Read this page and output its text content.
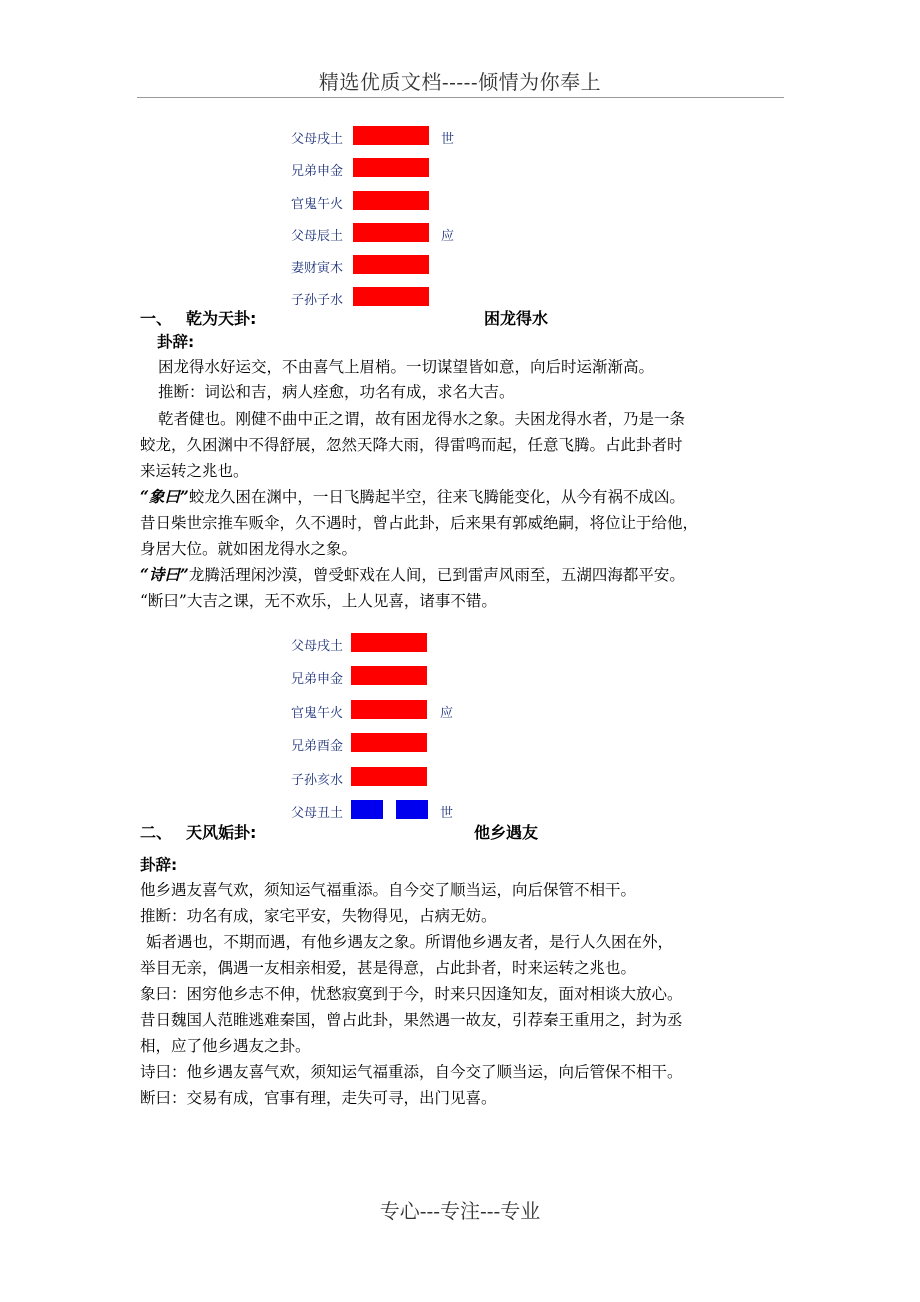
精选优质文档-----倾情为你奉上
父母戌土	世
兄弟申金
官鬼午火
父母辰土	应
妻财寅木
子孙子水
一、 乾为天卦:	困龙得水
卦辞:
困龙得水好运交，不由喜气上眉梢。一切谋望皆如意，向后时运渐渐高。
推断：词讼和吉，病人痊愈，功名有成，求名大吉。
乾者健也。刚健不曲中正之谓，故有困龙得水之象。夫困龙得水者，乃是一条
蛟龙，久困渊中不得舒展，忽然天降大雨，得雷鸣而起，任意飞腾。占此卦者时
来运转之兆也。
“象曰”蛟龙久困在渊中，一日飞腾起半空，往来飞腾能变化，从今有祸不成凶。
昔日柴世宗推车贩伞，久不遇时，曾占此卦，后来果有郭威绝嗣，将位让于给他，
身居大位。就如困龙得水之象。
“诗曰”龙腾活理闲沙漠，曾受虾戏在人间，已到雷声风雨至，五湖四海都平安。
“断曰”大吉之课，无不欢乐，上人见喜，诸事不错。
父母戌土
兄弟申金
官鬼午火	应
兄弟酉金
子孙亥水
父母丑土	世
二、 天风姤卦:	他乡遇友
卦辞:
他乡遇友喜气欢，须知运气福重添。自今交了顺当运，向后保管不相干。
推断：功名有成，家宅平安，失物得见，占病无妨。
姤者遇也，不期而遇，有他乡遇友之象。所谓他乡遇友者，是行人久困在外，
举目无亲，偶遇一友相亲相爱，甚是得意，占此卦者，时来运转之兆也。
象曰：困穷他乡志不伸，忧愁寂寞到于今，时来只因逢知友，面对相谈大放心。
昔日魏国人范睢逃难秦国，曾占此卦，果然遇一故友，引荐秦王重用之，封为丞
相，应了他乡遇友之卦。
诗曰：他乡遇友喜气欢，须知运气福重添，自今交了顺当运，向后管保不相干。
断曰：交易有成，官事有理，走失可寻，出门见喜。
专心---专注---专业
